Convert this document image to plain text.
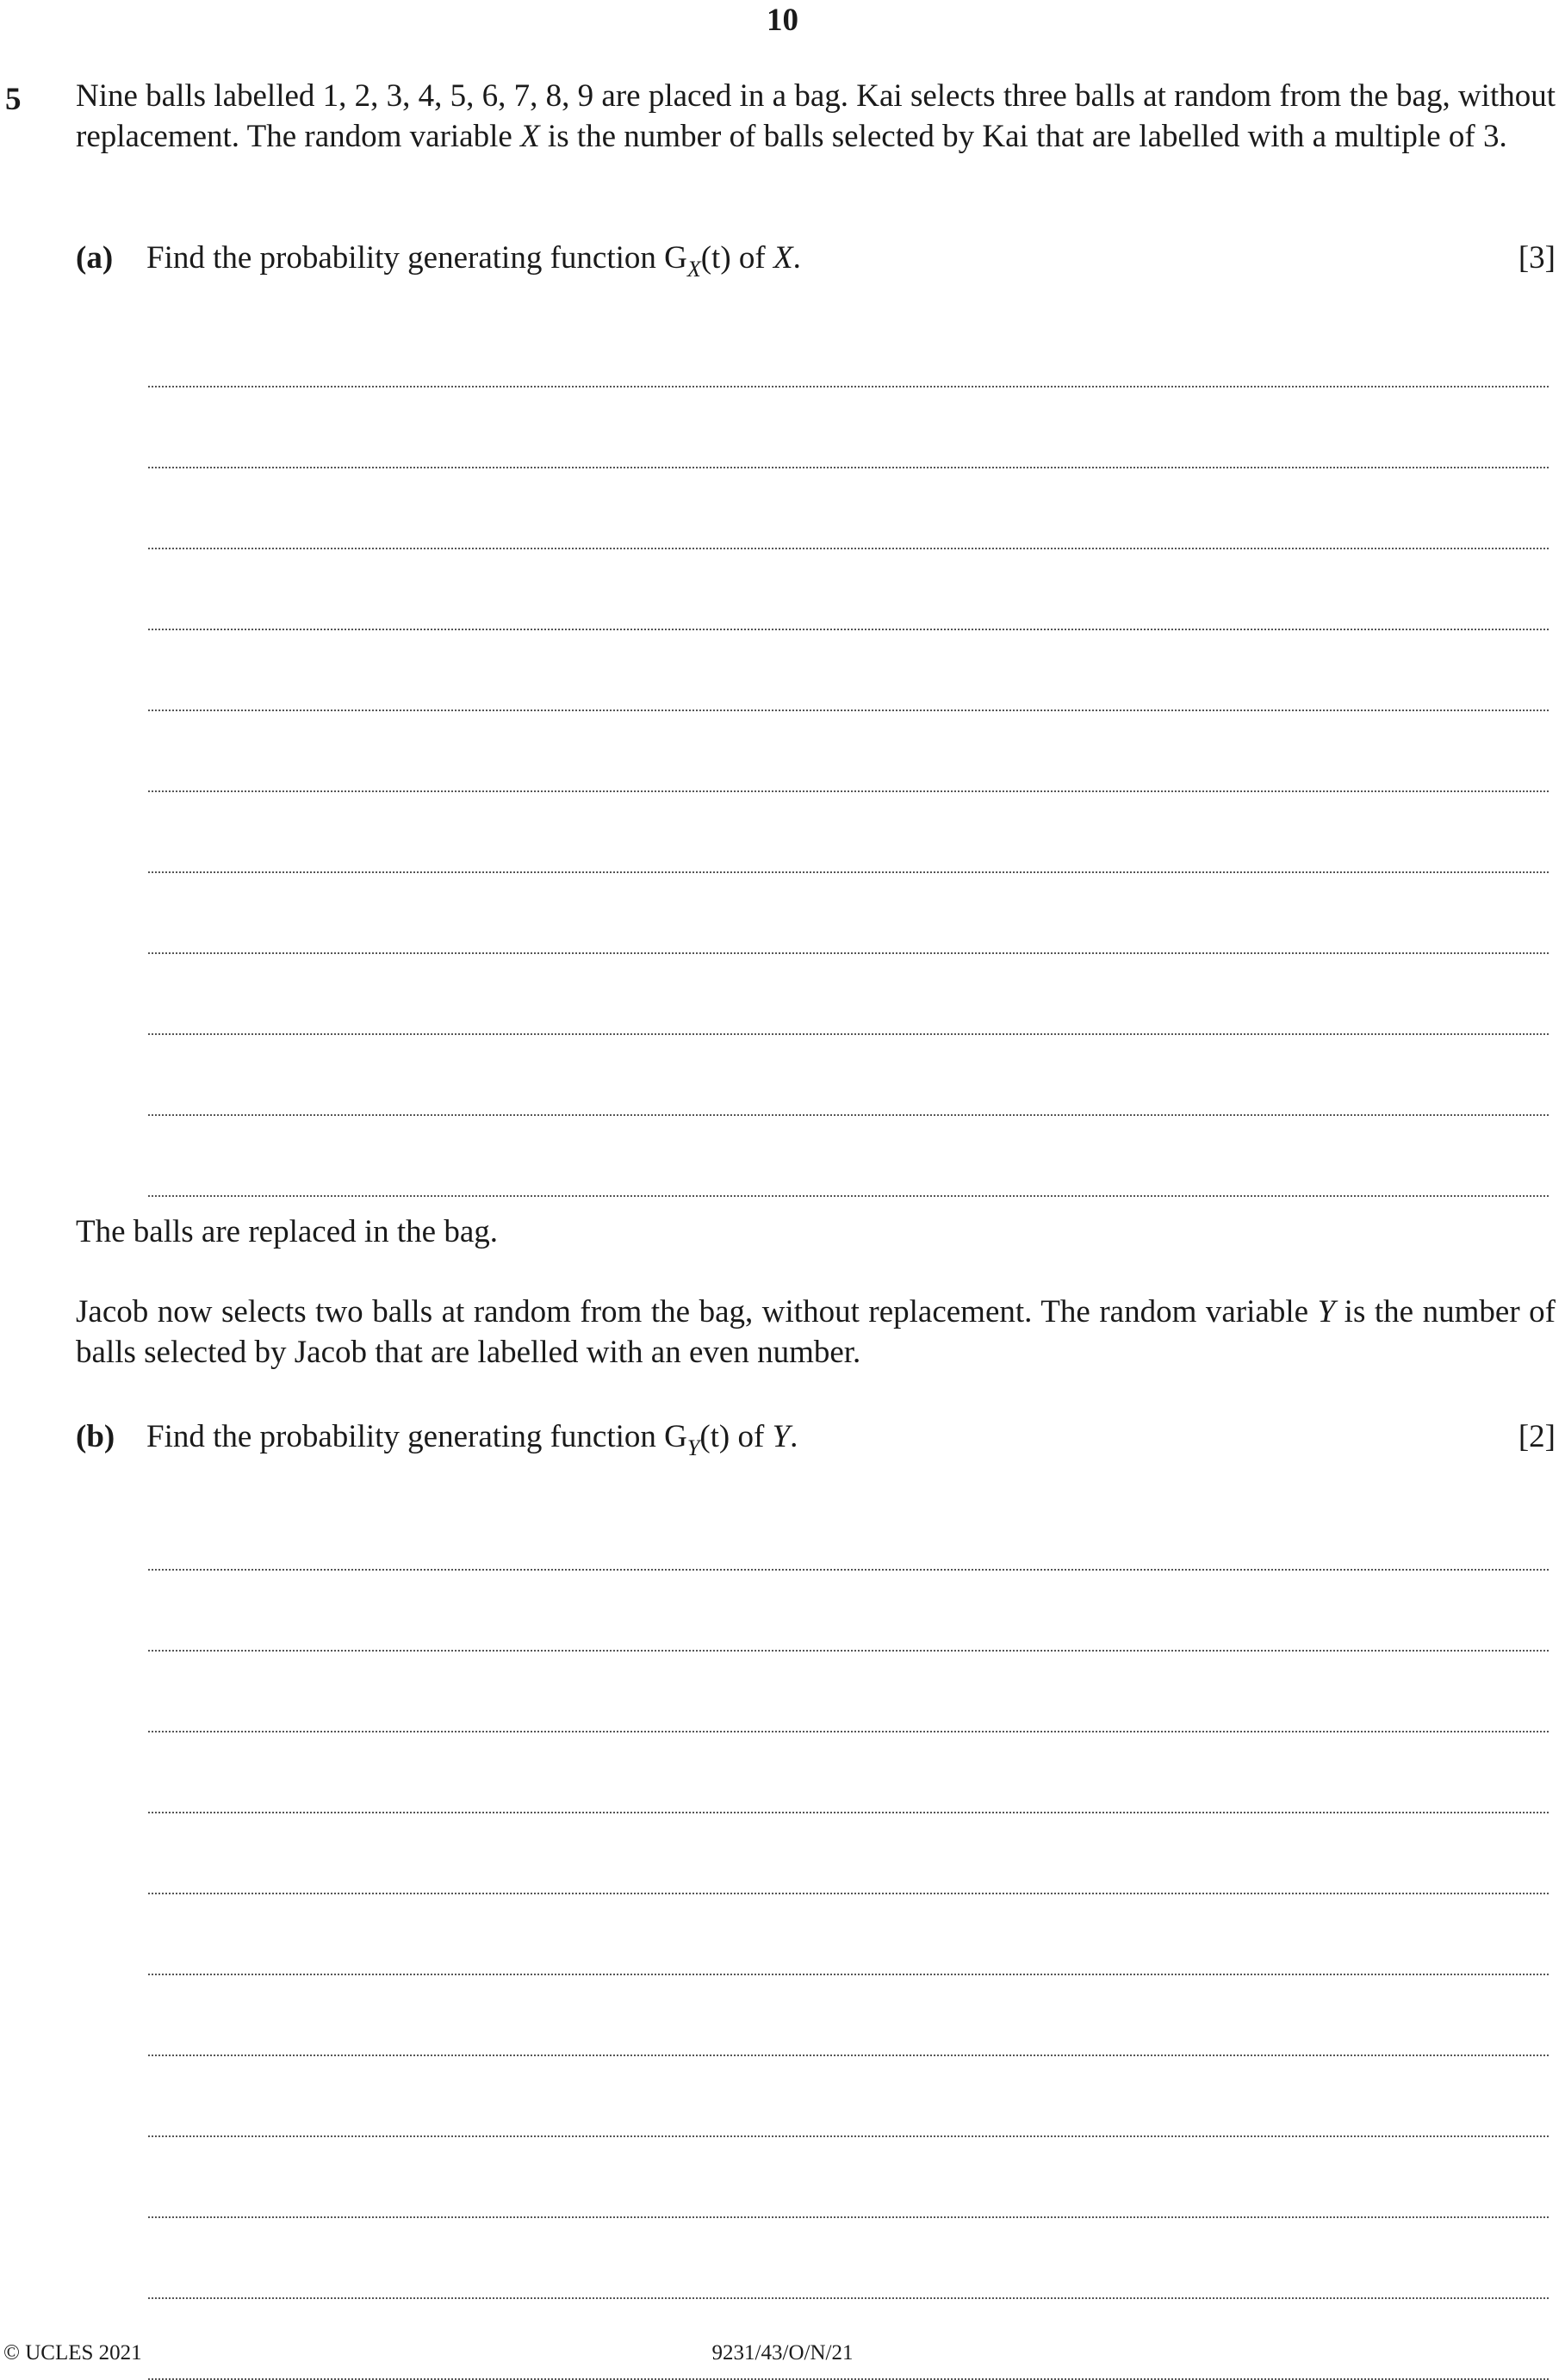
10
5 Nine balls labelled 1, 2, 3, 4, 5, 6, 7, 8, 9 are placed in a bag. Kai selects three balls at random from the bag, without replacement. The random variable X is the number of balls selected by Kai that are labelled with a multiple of 3.
(a) Find the probability generating function $G_X(t)$ of X.	[3]
The balls are replaced in the bag.
Jacob now selects two balls at random from the bag, without replacement. The random variable Y is the number of balls selected by Jacob that are labelled with an even number.
(b) Find the probability generating function $G_Y(t)$ of Y.	[2]
© UCLES 2021	9231/43/O/N/21
